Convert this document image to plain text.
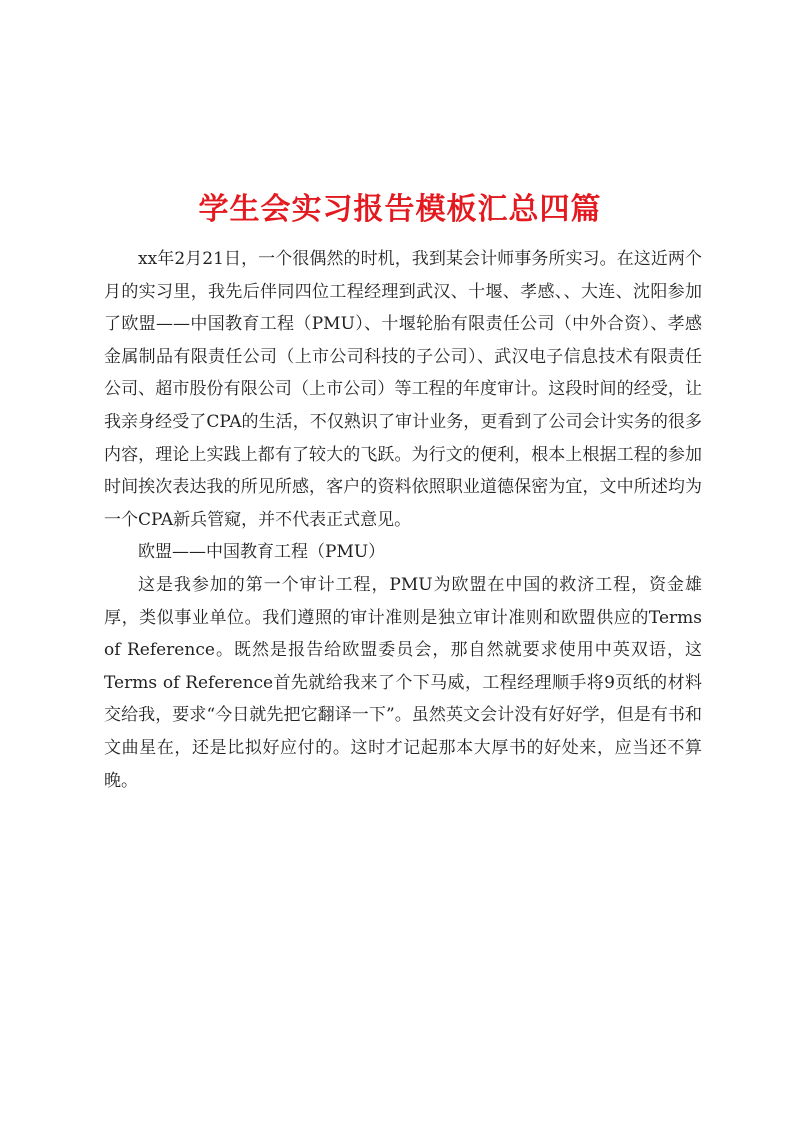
学生会实习报告模板汇总四篇

xx年2月21日，一个很偶然的时机，我到某会计师事务所实习。在这近两个月的实习里，我先后伴同四位工程经理到武汉、十堰、孝感、、大连、沈阳参加了欧盟——中国教育工程（PMU）、十堰轮胎有限责任公司（中外合资）、孝感金属制品有限责任公司（上市公司科技的子公司）、武汉电子信息技术有限责任公司、超市股份有限公司（上市公司）等工程的年度审计。这段时间的经受，让我亲身经受了CPA的生活，不仅熟识了审计业务，更看到了公司会计实务的很多内容，理论上实践上都有了较大的飞跃。为行文的便利，根本上根据工程的参加时间挨次表达我的所见所感，客户的资料依照职业道德保密为宜，文中所述均为一个CPA新兵管窥，并不代表正式意见。

欧盟——中国教育工程（PMU）

这是我参加的第一个审计工程，PMU为欧盟在中国的救济工程，资金雄厚，类似事业单位。我们遵照的审计准则是独立审计准则和欧盟供应的Terms of Reference。既然是报告给欧盟委员会，那自然就要求使用中英双语，这Terms of Reference首先就给我来了个下马威，工程经理顺手将9页纸的材料交给我，要求“今日就先把它翻译一下”。虽然英文会计没有好好学，但是有书和文曲星在，还是比拟好应付的。这时才记起那本大厚书的好处来，应当还不算晚。
